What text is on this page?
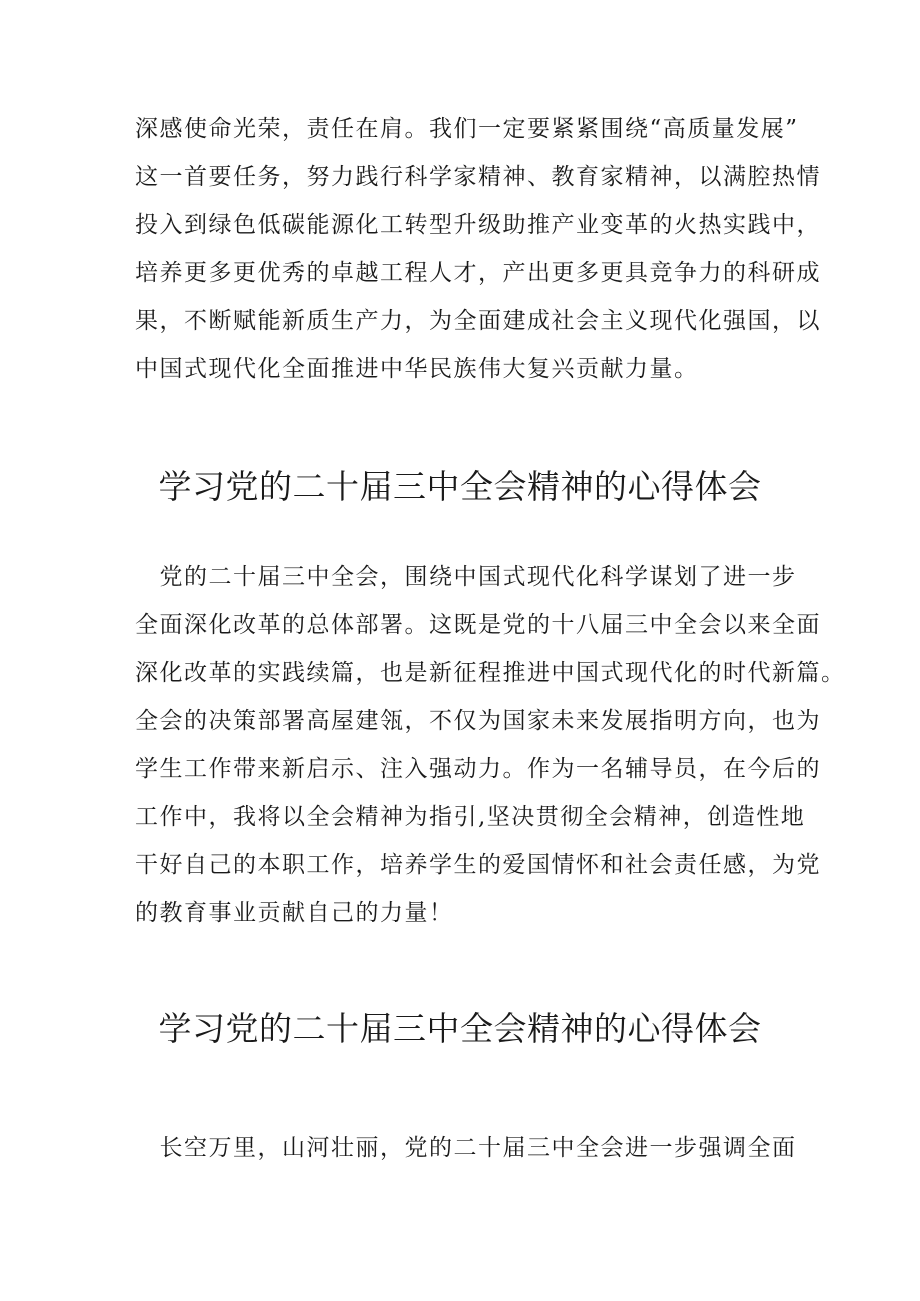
深感使命光荣，责任在肩。我们一定要紧紧围绕“高质量发展”
这一首要任务，努力践行科学家精神、教育家精神，以满腔热情
投入到绿色低碳能源化工转型升级助推产业变革的火热实践中，
培养更多更优秀的卓越工程人才，产出更多更具竞争力的科研成
果，不断赋能新质生产力，为全面建成社会主义现代化强国，以
中国式现代化全面推进中华民族伟大复兴贡献力量。
学习党的二十届三中全会精神的心得体会
　党的二十届三中全会，围绕中国式现代化科学谋划了进一步
全面深化改革的总体部署。这既是党的十八届三中全会以来全面
深化改革的实践续篇，也是新征程推进中国式现代化的时代新篇。
全会的决策部署高屋建瓴，不仅为国家未来发展指明方向，也为
学生工作带来新启示、注入强动力。作为一名辅导员，在今后的
工作中，我将以全会精神为指引,坚决贯彻全会精神，创造性地
干好自己的本职工作，培养学生的爱国情怀和社会责任感，为党
的教育事业贡献自己的力量！
学习党的二十届三中全会精神的心得体会
　长空万里，山河壮丽，党的二十届三中全会进一步强调全面
